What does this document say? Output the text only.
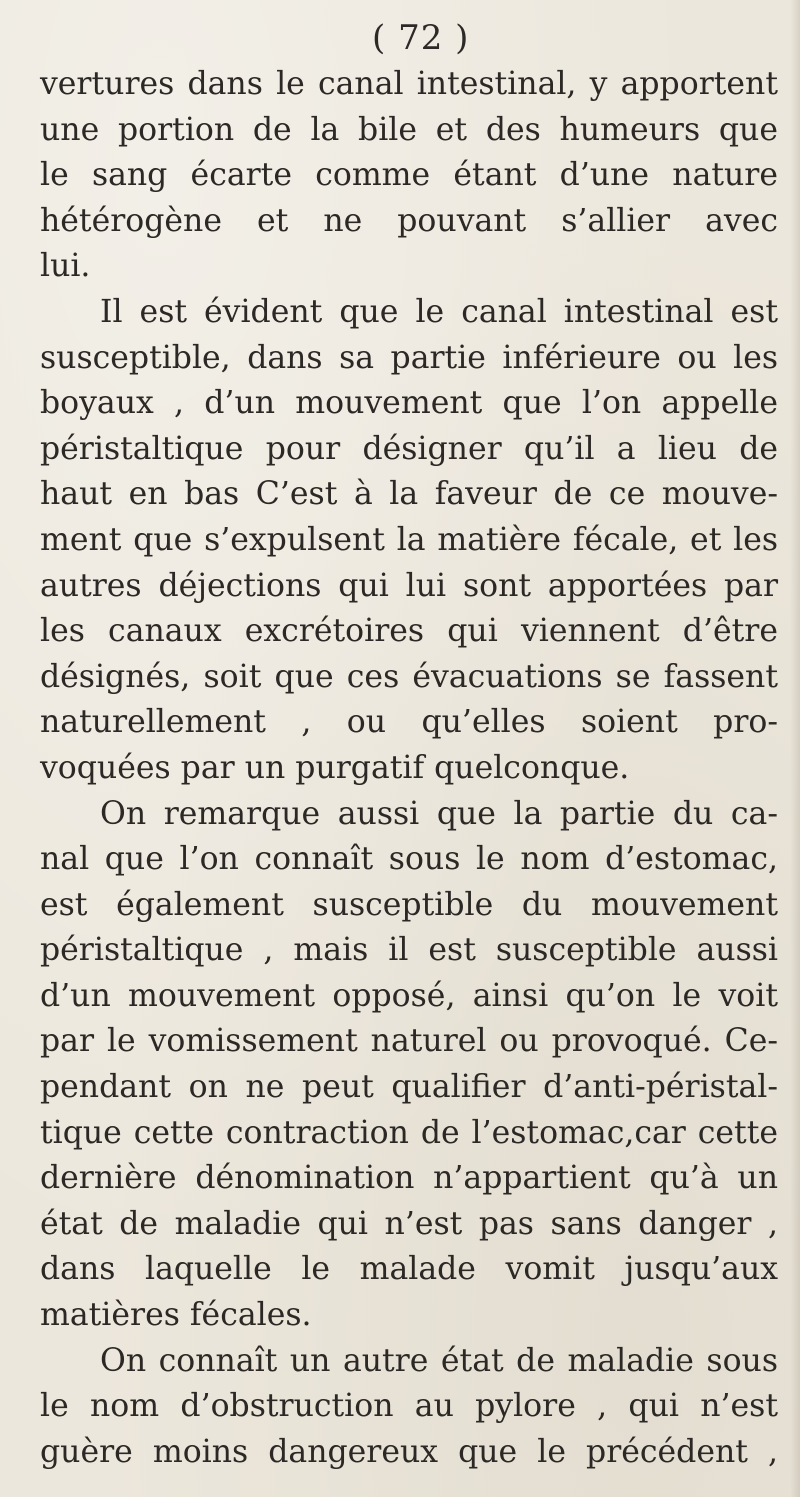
( 72 )
vertures dans le canal intestinal, y apportent
une portion de la bile et des humeurs que
le sang écarte comme étant d’une nature
hétérogène et ne pouvant s’allier avec
lui.
Il est évident que le canal intestinal est
susceptible, dans sa partie inférieure ou les
boyaux , d’un mouvement que l’on appelle
péristaltique pour désigner qu’il a lieu de
haut en bas C’est à la faveur de ce mouve-
ment que s’expulsent la matière fécale, et les
autres déjections qui lui sont apportées par
les canaux excrétoires qui viennent d’être
désignés, soit que ces évacuations se fassent
naturellement , ou qu’elles soient pro-
voquées par un purgatif quelconque.
On remarque aussi que la partie du ca-
nal que l’on connaît sous le nom d’estomac,
est également susceptible du mouvement
péristaltique , mais il est susceptible aussi
d’un mouvement opposé, ainsi qu’on le voit
par le vomissement naturel ou provoqué. Ce-
pendant on ne peut qualifier d’anti-péristal-
tique cette contraction de l’estomac,car cette
dernière dénomination n’appartient qu’à un
état de maladie qui n’est pas sans danger ,
dans laquelle le malade vomit jusqu’aux
matières fécales.
On connaît un autre état de maladie sous
le nom d’obstruction au pylore , qui n’est
guère moins dangereux que le précédent ,
